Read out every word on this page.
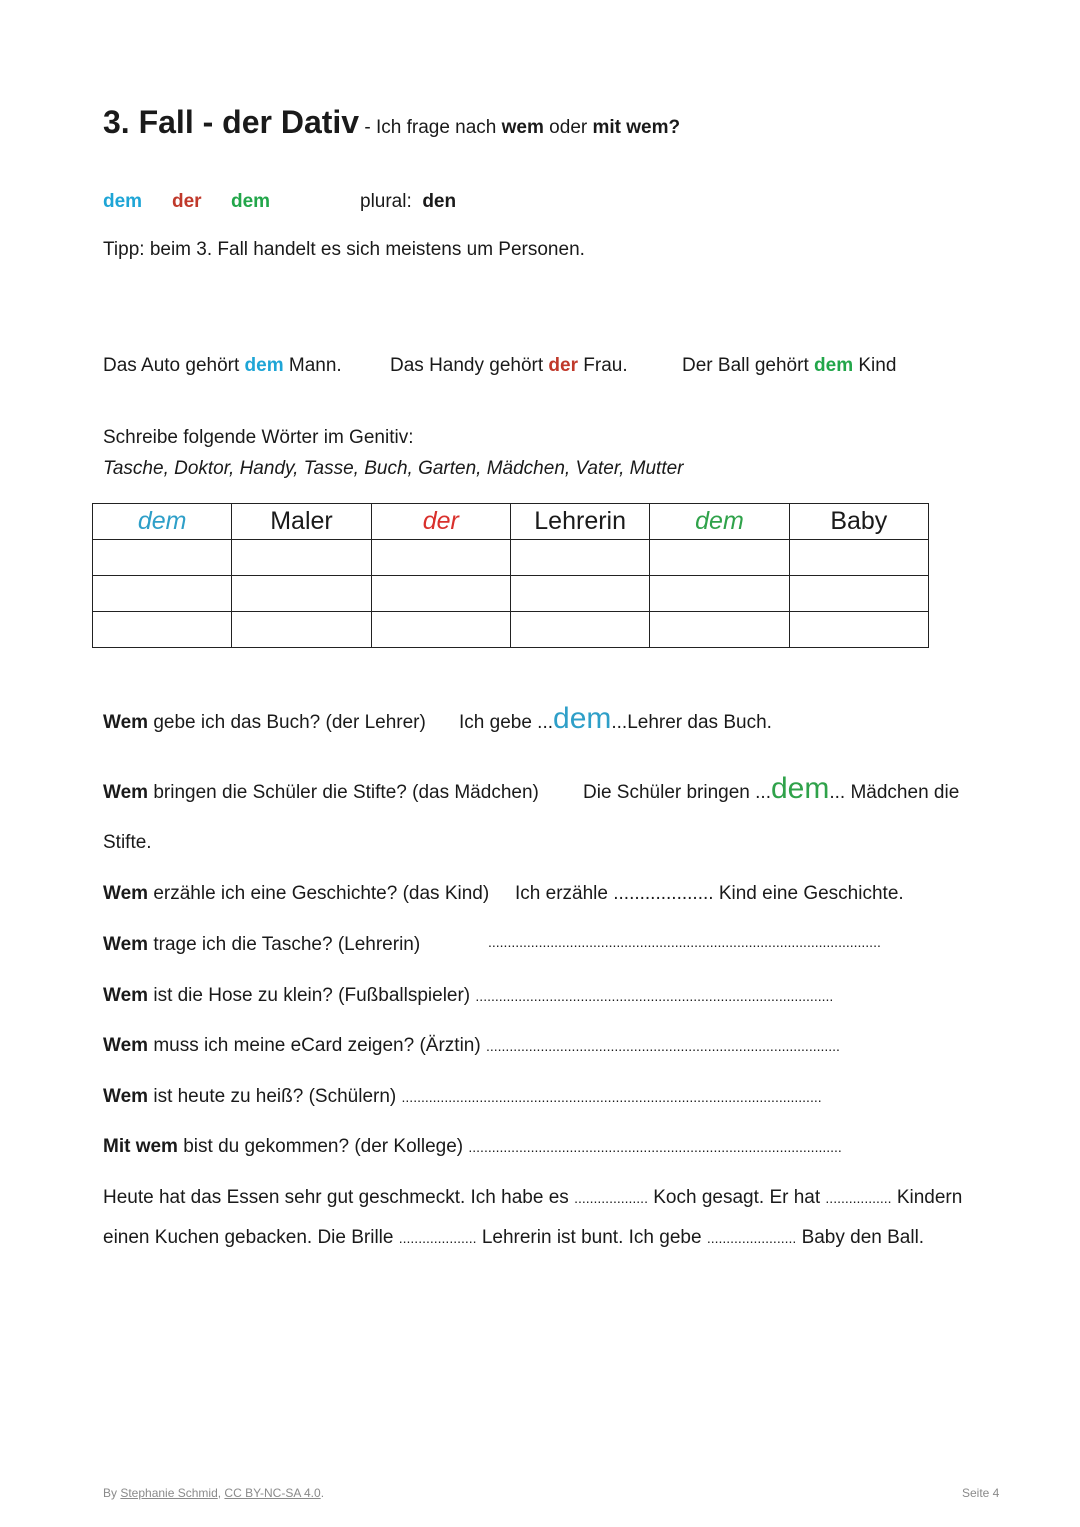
3. Fall - der Dativ - Ich frage nach wem oder mit wem?
dem der dem	plural: den
Tipp: beim 3. Fall handelt es sich meistens um Personen.
Das Auto gehört dem Mann.	Das Handy gehört der Frau.	Der Ball gehört dem Kind
Schreibe folgende Wörter im Genitiv:
Tasche, Doktor, Handy, Tasse, Buch, Garten, Mädchen, Vater, Mutter
dem	Maler	der	Lehrerin	dem	Baby

Wem gebe ich das Buch? (der Lehrer) Ich gebe ...dem...Lehrer das Buch.
Wem bringen die Schüler die Stifte? (das Mädchen) Die Schüler bringen ...dem... Mädchen die
Stifte.
Wem erzähle ich eine Geschichte? (das Kind) Ich erzähle ................... Kind eine Geschichte.
Wem trage ich die Tasche? (Lehrerin)	.....................................................................................................
Wem ist die Hose zu klein? (Fußballspieler) ............................................................................................
Wem muss ich meine eCard zeigen? (Ärztin) ...........................................................................................
Wem ist heute zu heiß? (Schülern) ............................................................................................................
Mit wem bist du gekommen? (der Kollege) ................................................................................................
Heute hat das Essen sehr gut geschmeckt. Ich habe es ................... Koch gesagt. Er hat ................. Kindern
einen Kuchen gebacken. Die Brille .................... Lehrerin ist bunt. Ich gebe ....................... Baby den Ball.
By Stephanie Schmid, CC BY-NC-SA 4.0.	Seite 4
